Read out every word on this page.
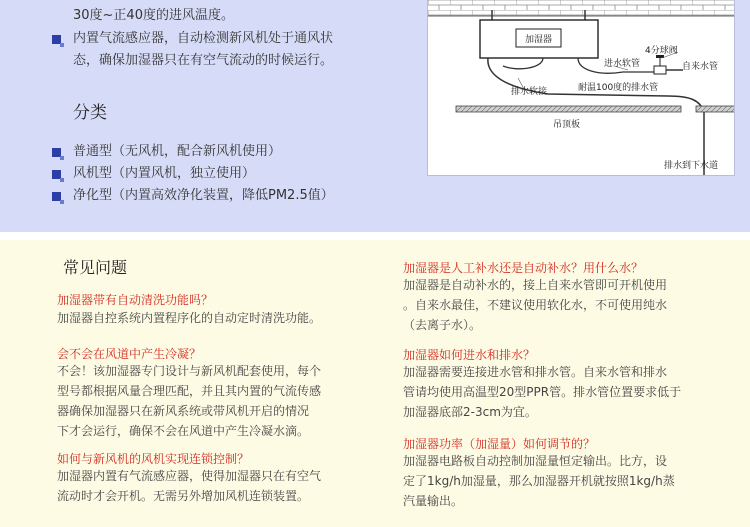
30度~正40度的进风温度。
内置气流感应器，自动检测新风机处于通风状
态，确保加湿器只在有空气流动的时候运行。
分类
普通型（无风机，配合新风机使用）
风机型（内置风机，独立使用）
净化型（内置高效净化装置，降低PM2.5值）
加湿器
4分球阀
进水软管	自来水管
排水软接	耐温100度的排水管
吊顶板
排水到下水道
常见问题
加湿器带有自动清洗功能吗？
加湿器自控系统内置程序化的自动定时清洗功能。
会不会在风道中产生冷凝？
不会！该加湿器专门设计与新风机配套使用，每个
型号都根据风量合理匹配，并且其内置的气流传感
器确保加湿器只在新风系统或带风机开启的情况
下才会运行，确保不会在风道中产生冷凝水滴。
如何与新风机的风机实现连锁控制？
加湿器内置有气流感应器，使得加湿器只在有空气
流动时才会开机。无需另外增加风机连锁装置。
加湿器是人工补水还是自动补水？用什么水？
加湿器是自动补水的，接上自来水管即可开机使用
。自来水最佳，不建议使用软化水，不可使用纯水
（去离子水）。
加湿器如何进水和排水？
加湿器需要连接进水管和排水管。自来水管和排水
管请均使用高温型20型PPR管。排水管位置要求低于
加湿器底部2-3cm为宜。
加湿器功率（加湿量）如何调节的？
加湿器电路板自动控制加湿量恒定输出。比方，设
定了1kg/h加湿量，那么加湿器开机就按照1kg/h蒸
汽量输出。
